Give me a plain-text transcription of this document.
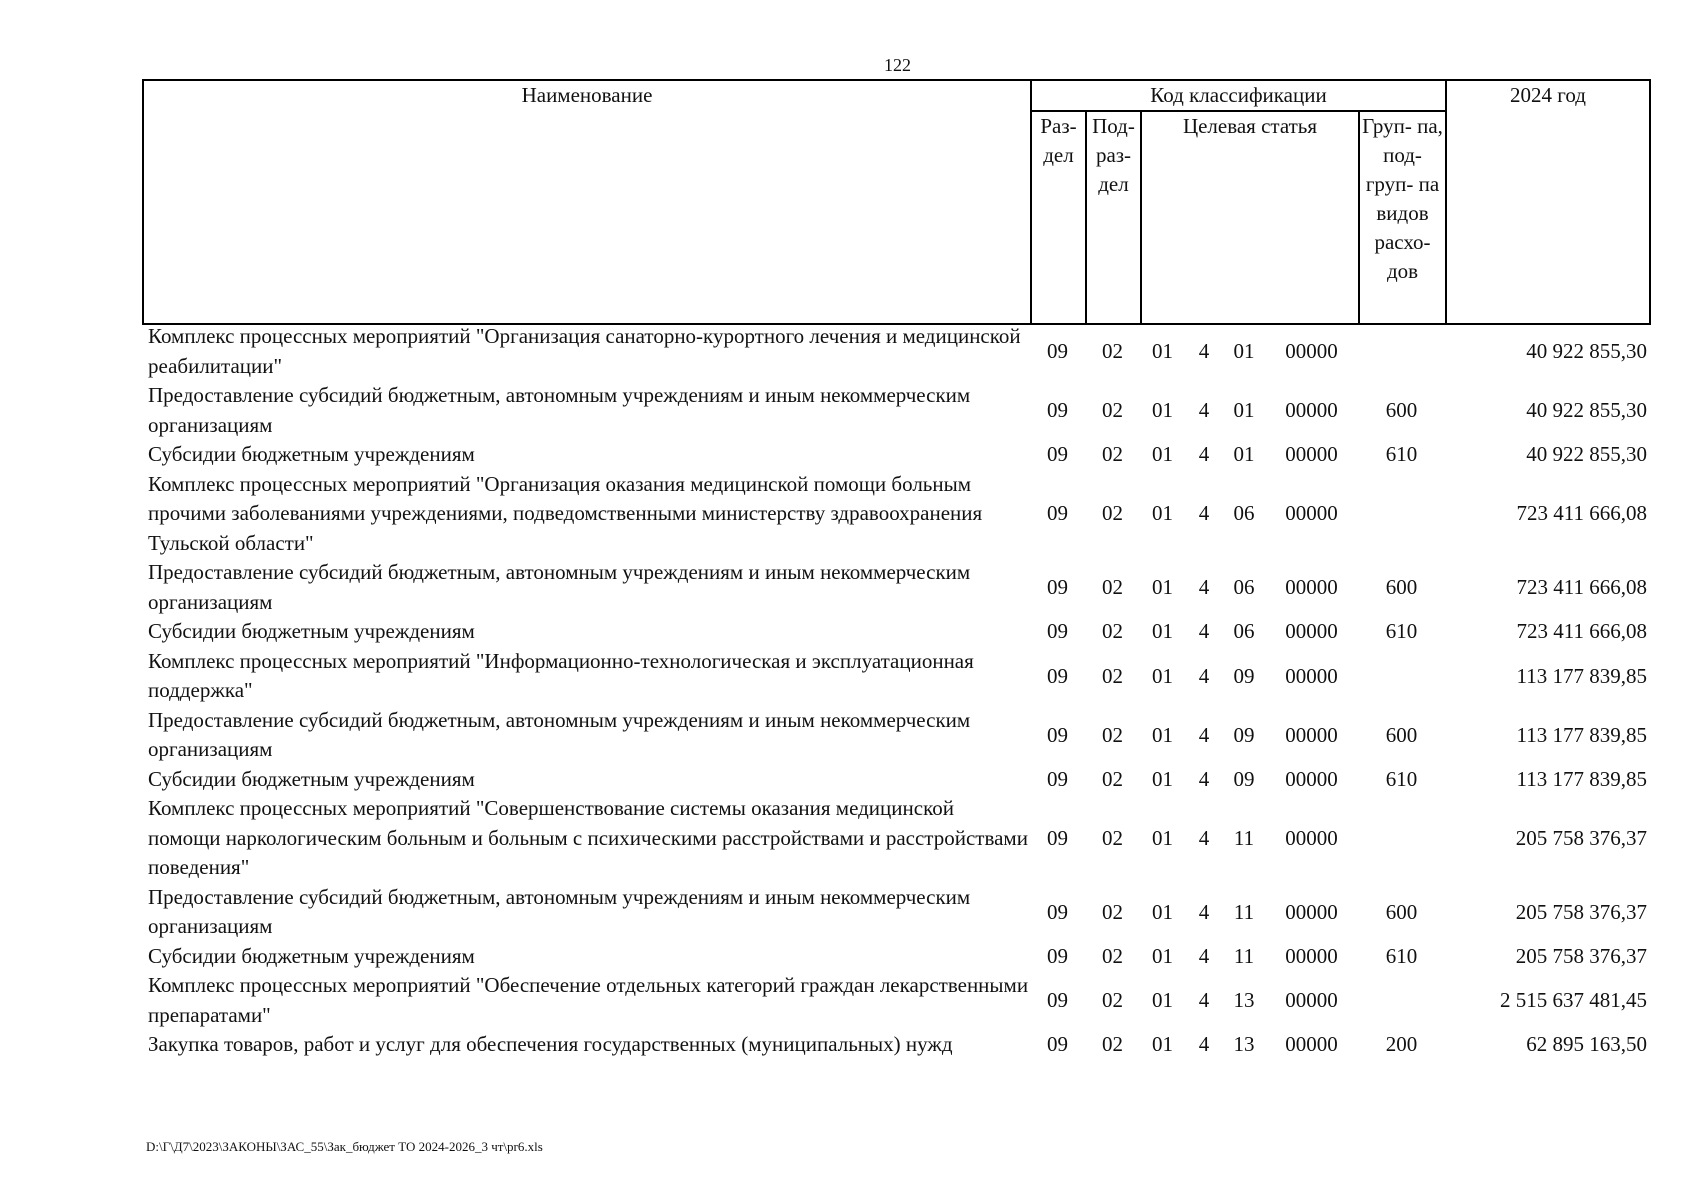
122
Наименование	Код классификации				2024 год
	Раз- дел	Под- раз- дел	Целевая статья	Груп- па, под- груп- па видов расхо- дов	
Комплекс процессных мероприятий "Организация санаторно-курортного лечения и медицинской реабилитации"	09	02	01	4	01	00000		40 922 855,30
Предоставление субсидий бюджетным, автономным учреждениям и иным некоммерческим организациям	09	02	01	4	01	00000	600	40 922 855,30
Субсидии бюджетным учреждениям	09	02	01	4	01	00000	610	40 922 855,30
Комплекс процессных мероприятий "Организация оказания медицинской помощи больным прочими заболеваниями учреждениями, подведомственными министерству здравоохранения Тульской области"	09	02	01	4	06	00000		723 411 666,08
Предоставление субсидий бюджетным, автономным учреждениям и иным некоммерческим организациям	09	02	01	4	06	00000	600	723 411 666,08
Субсидии бюджетным учреждениям	09	02	01	4	06	00000	610	723 411 666,08
Комплекс процессных мероприятий "Информационно-технологическая и эксплуатационная поддержка"	09	02	01	4	09	00000		113 177 839,85
Предоставление субсидий бюджетным, автономным учреждениям и иным некоммерческим организациям	09	02	01	4	09	00000	600	113 177 839,85
Субсидии бюджетным учреждениям	09	02	01	4	09	00000	610	113 177 839,85
Комплекс процессных мероприятий "Совершенствование системы оказания медицинской помощи наркологическим больным и больным с психическими расстройствами и расстройствами поведения"	09	02	01	4	11	00000		205 758 376,37
Предоставление субсидий бюджетным, автономным учреждениям и иным некоммерческим организациям	09	02	01	4	11	00000	600	205 758 376,37
Субсидии бюджетным учреждениям	09	02	01	4	11	00000	610	205 758 376,37
Комплекс процессных мероприятий "Обеспечение отдельных категорий граждан лекарственными препаратами"	09	02	01	4	13	00000		2 515 637 481,45
Закупка товаров, работ и услуг для обеспечения государственных (муниципальных) нужд	09	02	01	4	13	00000	200	62 895 163,50
D:\Г\Д7\2023\ЗАКОНЫ\ЗАС_55\Зак_бюджет ТО 2024-2026_3 чт\pr6.xls
